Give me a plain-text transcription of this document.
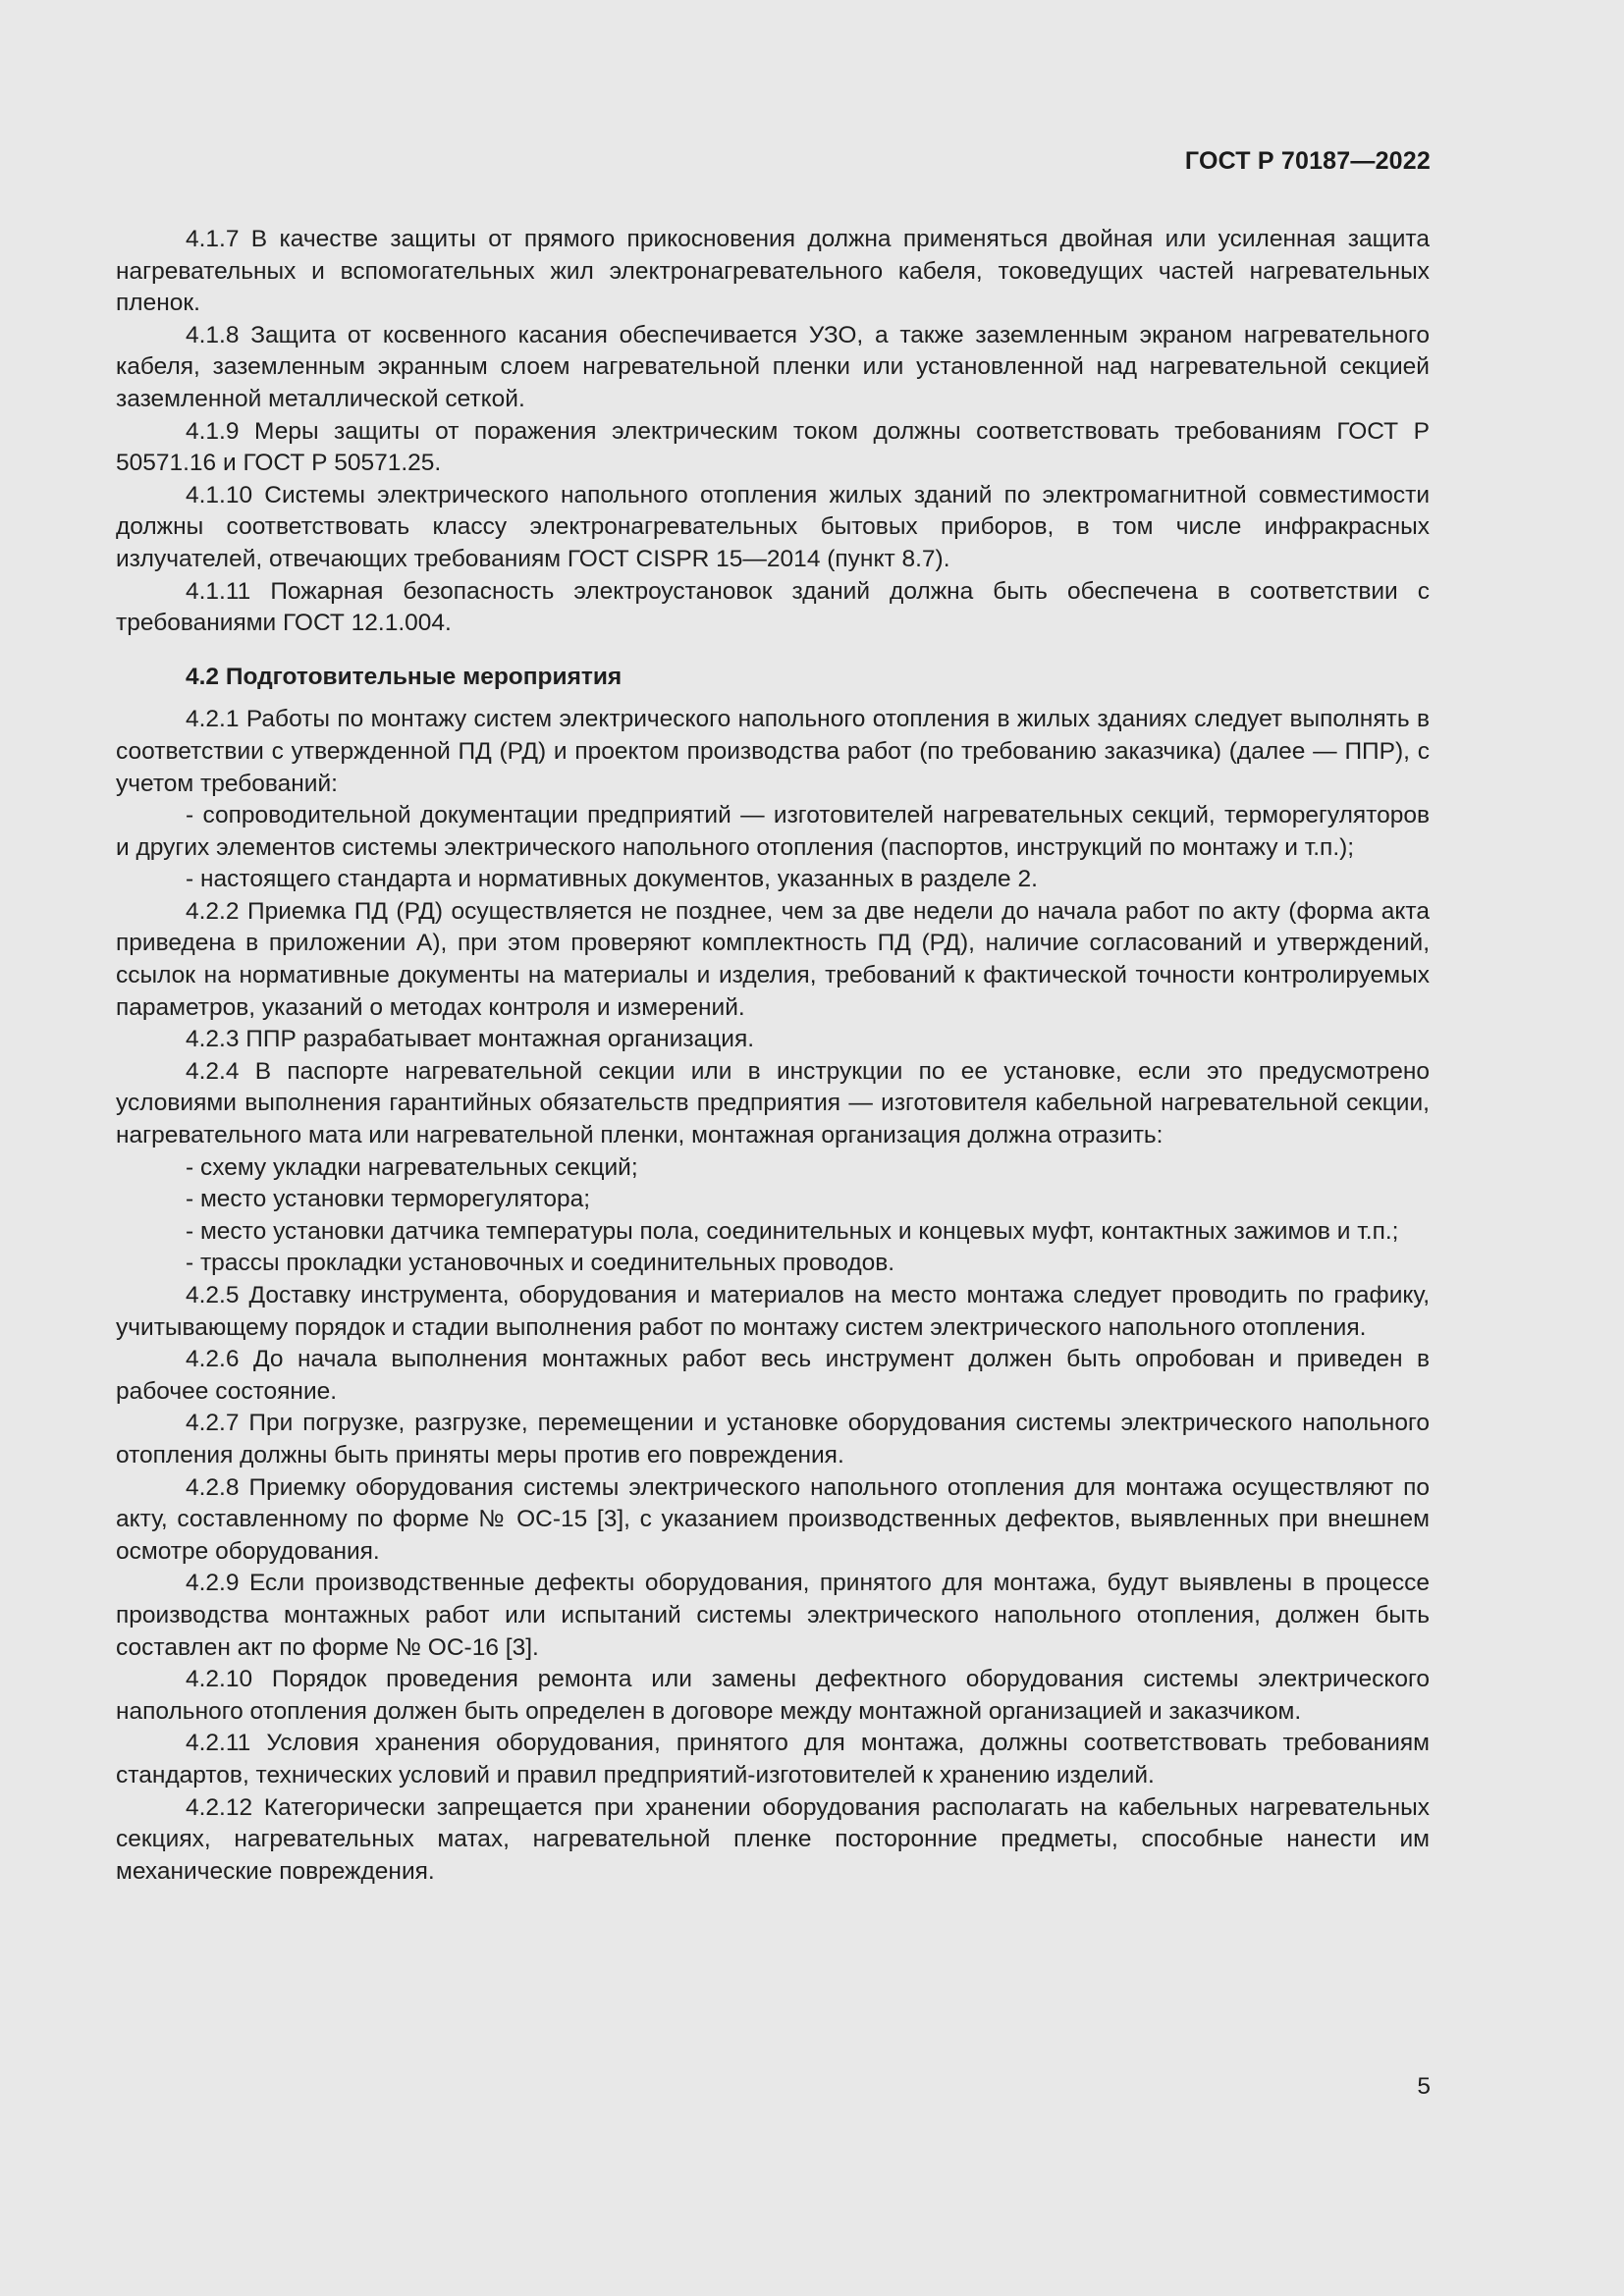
ГОСТ Р 70187—2022

4.1.7 В качестве защиты от прямого прикосновения должна применяться двойная или усиленная защита нагревательных и вспомогательных жил электронагревательного кабеля, токоведущих частей нагревательных пленок.

4.1.8 Защита от косвенного касания обеспечивается УЗО, а также заземленным экраном нагревательного кабеля, заземленным экранным слоем нагревательной пленки или установленной над нагревательной секцией заземленной металлической сеткой.

4.1.9 Меры защиты от поражения электрическим током должны соответствовать требованиям ГОСТ Р 50571.16 и ГОСТ Р 50571.25.

4.1.10 Системы электрического напольного отопления жилых зданий по электромагнитной совместимости должны соответствовать классу электронагревательных бытовых приборов, в том числе инфракрасных излучателей, отвечающих требованиям ГОСТ CISPR 15—2014 (пункт 8.7).

4.1.11 Пожарная безопасность электроустановок зданий должна быть обеспечена в соответствии с требованиями ГОСТ 12.1.004.

4.2 Подготовительные мероприятия

4.2.1 Работы по монтажу систем электрического напольного отопления в жилых зданиях следует выполнять в соответствии с утвержденной ПД (РД) и проектом производства работ (по требованию заказчика) (далее — ППР), с учетом требований:

- сопроводительной документации предприятий — изготовителей нагревательных секций, терморегуляторов и других элементов системы электрического напольного отопления (паспортов, инструкций по монтажу и т.п.);

- настоящего стандарта и нормативных документов, указанных в разделе 2.

4.2.2 Приемка ПД (РД) осуществляется не позднее, чем за две недели до начала работ по акту (форма акта приведена в приложении А), при этом проверяют комплектность ПД (РД), наличие согласований и утверждений, ссылок на нормативные документы на материалы и изделия, требований к фактической точности контролируемых параметров, указаний о методах контроля и измерений.

4.2.3 ППР разрабатывает монтажная организация.

4.2.4 В паспорте нагревательной секции или в инструкции по ее установке, если это предусмотрено условиями выполнения гарантийных обязательств предприятия — изготовителя кабельной нагревательной секции, нагревательного мата или нагревательной пленки, монтажная организация должна отразить:

- схему укладки нагревательных секций;

- место установки терморегулятора;

- место установки датчика температуры пола, соединительных и концевых муфт, контактных зажимов и т.п.;

- трассы прокладки установочных и соединительных проводов.

4.2.5 Доставку инструмента, оборудования и материалов на место монтажа следует проводить по графику, учитывающему порядок и стадии выполнения работ по монтажу систем электрического напольного отопления.

4.2.6 До начала выполнения монтажных работ весь инструмент должен быть опробован и приведен в рабочее состояние.

4.2.7 При погрузке, разгрузке, перемещении и установке оборудования системы электрического напольного отопления должны быть приняты меры против его повреждения.

4.2.8 Приемку оборудования системы электрического напольного отопления для монтажа осуществляют по акту, составленному по форме № ОС-15 [3], с указанием производственных дефектов, выявленных при внешнем осмотре оборудования.

4.2.9 Если производственные дефекты оборудования, принятого для монтажа, будут выявлены в процессе производства монтажных работ или испытаний системы электрического напольного отопления, должен быть составлен акт по форме № ОС-16 [3].

4.2.10 Порядок проведения ремонта или замены дефектного оборудования системы электрического напольного отопления должен быть определен в договоре между монтажной организацией и заказчиком.

4.2.11 Условия хранения оборудования, принятого для монтажа, должны соответствовать требованиям стандартов, технических условий и правил предприятий-изготовителей к хранению изделий.

4.2.12 Категорически запрещается при хранении оборудования располагать на кабельных нагревательных секциях, нагревательных матах, нагревательной пленке посторонние предметы, способные нанести им механические повреждения.

5
